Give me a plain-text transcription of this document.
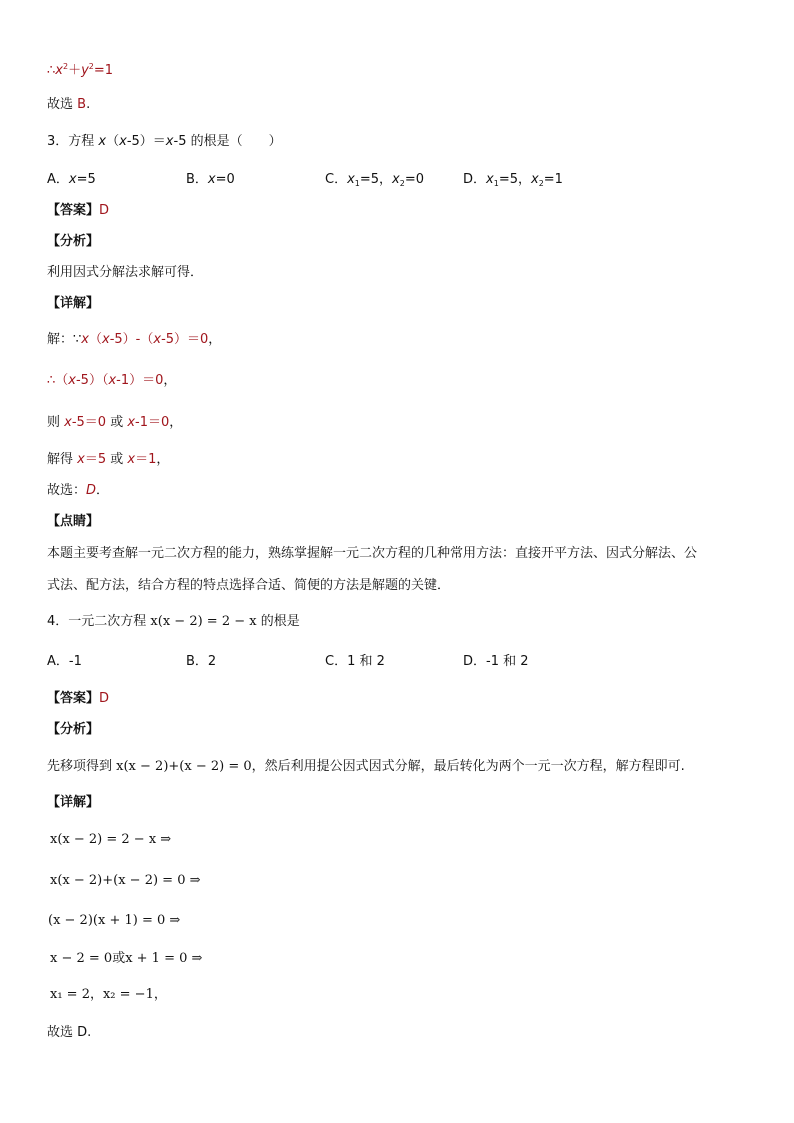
$\therefore x^2+y^2=1$
故选 B.
3．方程 x（x-5）＝x-5 的根是（　　）
A．x=5	B．x=0	C．$x_1=5$，$x_2=0$	D．$x_1=5$，$x_2=1$
【答案】D
【分析】
利用因式分解法求解可得．
【详解】
解：∵x（x-5）-（x-5）＝0，
∴（x-5）（x-1）＝0，
则 x-5＝0 或 x-1＝0，
解得 x＝5 或 x＝1，
故选：D．
【点睛】
本题主要考查解一元二次方程的能力，熟练掌握解一元二次方程的几种常用方法：直接开平方法、因式分解法、公
式法、配方法，结合方程的特点选择合适、简便的方法是解题的关键．
4．一元二次方程 x(x − 2) = 2 − x 的根是
A．-1	B．2	C．1 和 2	D．-1 和 2
【答案】D
【分析】
先移项得到 x(x − 2)+(x − 2) = 0，然后利用提公因式因式分解，最后转化为两个一元一次方程，解方程即可.
【详解】
x(x − 2) = 2 − x ⇒
x(x − 2)+(x − 2) = 0 ⇒
(x − 2)(x + 1) = 0 ⇒
x − 2 = 0或x + 1 = 0 ⇒
x₁ = 2，x₂ = −1，
故选 D.
